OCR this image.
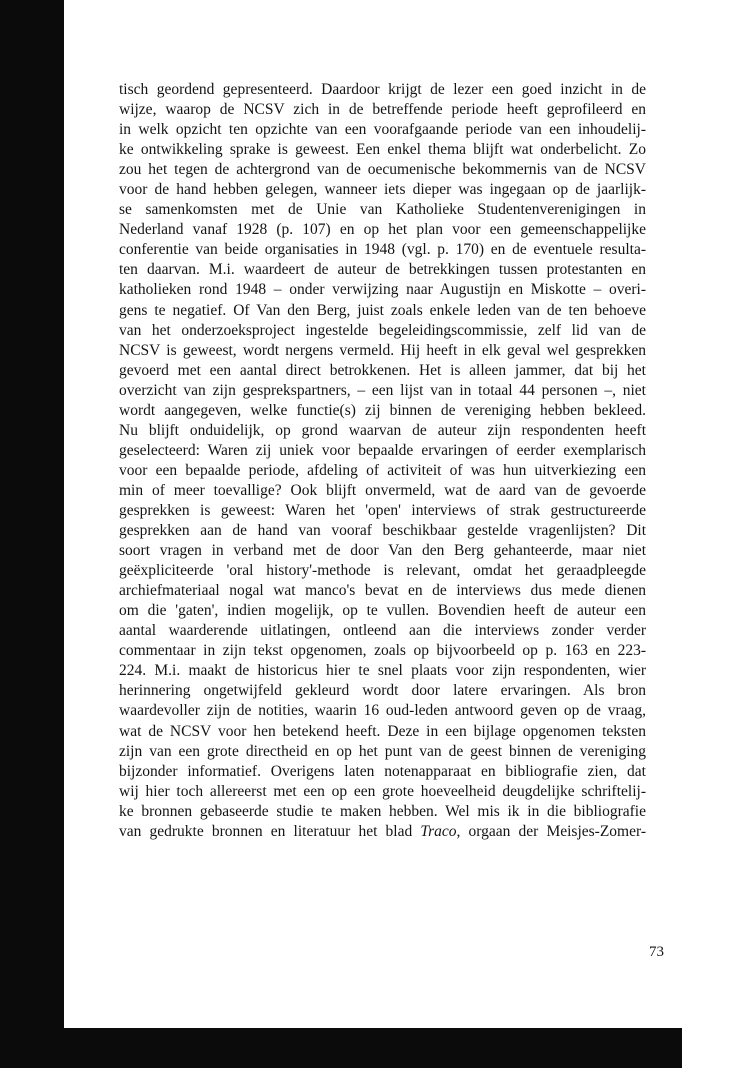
tisch geordend gepresenteerd. Daardoor krijgt de lezer een goed inzicht in de
wijze, waarop de NCSV zich in de betreffende periode heeft geprofileerd en
in welk opzicht ten opzichte van een voorafgaande periode van een inhoudelij-
ke ontwikkeling sprake is geweest. Een enkel thema blijft wat onderbelicht. Zo
zou het tegen de achtergrond van de oecumenische bekommernis van de NCSV
voor de hand hebben gelegen, wanneer iets dieper was ingegaan op de jaarlijk-
se samenkomsten met de Unie van Katholieke Studentenverenigingen in
Nederland vanaf 1928 (p. 107) en op het plan voor een gemeenschappelijke
conferentie van beide organisaties in 1948 (vgl. p. 170) en de eventuele resulta-
ten daarvan. M.i. waardeert de auteur de betrekkingen tussen protestanten en
katholieken rond 1948 – onder verwijzing naar Augustijn en Miskotte – overi-
gens te negatief. Of Van den Berg, juist zoals enkele leden van de ten behoeve
van het onderzoeksproject ingestelde begeleidingscommissie, zelf lid van de
NCSV is geweest, wordt nergens vermeld. Hij heeft in elk geval wel gesprekken
gevoerd met een aantal direct betrokkenen. Het is alleen jammer, dat bij het
overzicht van zijn gesprekspartners, – een lijst van in totaal 44 personen –, niet
wordt aangegeven, welke functie(s) zij binnen de vereniging hebben bekleed.
Nu blijft onduidelijk, op grond waarvan de auteur zijn respondenten heeft
geselecteerd: Waren zij uniek voor bepaalde ervaringen of eerder exemplarisch
voor een bepaalde periode, afdeling of activiteit of was hun uitverkiezing een
min of meer toevallige? Ook blijft onvermeld, wat de aard van de gevoerde
gesprekken is geweest: Waren het 'open' interviews of strak gestructureerde
gesprekken aan de hand van vooraf beschikbaar gestelde vragenlijsten? Dit
soort vragen in verband met de door Van den Berg gehanteerde, maar niet
geëxpliciteerde 'oral history'-methode is relevant, omdat het geraadpleegde
archiefmateriaal nogal wat manco's bevat en de interviews dus mede dienen
om die 'gaten', indien mogelijk, op te vullen. Bovendien heeft de auteur een
aantal waarderende uitlatingen, ontleend aan die interviews zonder verder
commentaar in zijn tekst opgenomen, zoals op bijvoorbeeld op p. 163 en 223-
224. M.i. maakt de historicus hier te snel plaats voor zijn respondenten, wier
herinnering ongetwijfeld gekleurd wordt door latere ervaringen. Als bron
waardevoller zijn de notities, waarin 16 oud-leden antwoord geven op de vraag,
wat de NCSV voor hen betekend heeft. Deze in een bijlage opgenomen teksten
zijn van een grote directheid en op het punt van de geest binnen de vereniging
bijzonder informatief. Overigens laten notenapparaat en bibliografie zien, dat
wij hier toch allereerst met een op een grote hoeveelheid deugdelijke schriftelij-
ke bronnen gebaseerde studie te maken hebben. Wel mis ik in die bibliografie
van gedrukte bronnen en literatuur het blad Traco, orgaan der Meisjes-Zomer-
73
